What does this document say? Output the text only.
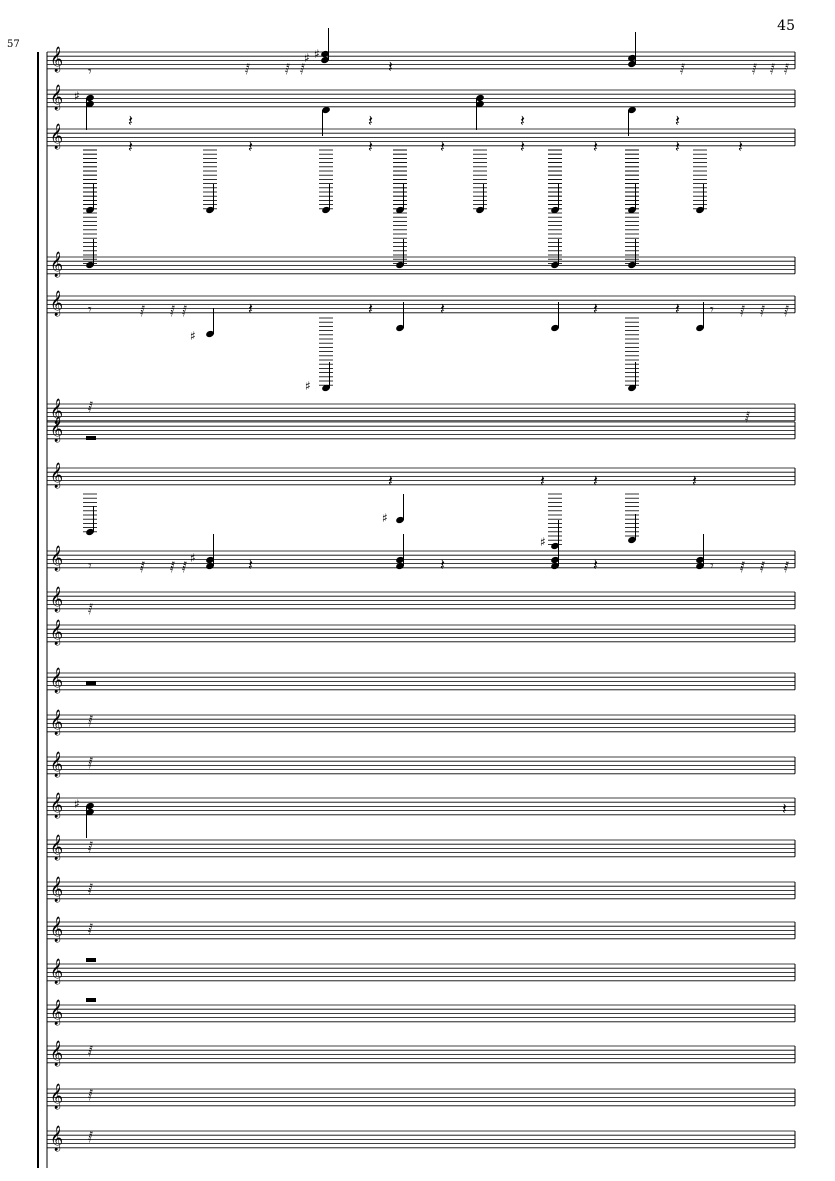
45
57
𝄞
𝄞
𝄞
𝄞
𝄞
𝄞
𝄞
𝄞
𝄞
𝄞
𝄞
𝄞
𝄞
𝄞
𝄞
𝄞
𝄞
𝄞
𝄞
𝄞
𝄞
𝄞
𝄞
𝄾	𝅁	𝅁 𝅁
♯ ♯
𝄽	𝅁	𝅁 𝅁 𝅁
♯
𝄽	𝄽	𝄽	𝄽
𝄽	𝄽	𝄽	𝄽	𝄽	𝄽	𝄽	𝄽
𝄾	𝅁 𝅁 𝅁
♯
𝄽
♯
𝄽	𝄽	𝄽	𝄽 𝄾 𝅁 𝅁 𝅁
𝅁
𝅁
𝄽
♯
𝄽	𝄽	𝄽
𝄾	𝅁 𝅁 𝅁
♯	𝄽	𝄽
♯
𝄽	𝄾 𝅁 𝅁 𝅁
𝅁
𝅁
𝅁
♯	𝄽
𝅁
𝅁
𝅁
𝅁
𝅁
𝅁
